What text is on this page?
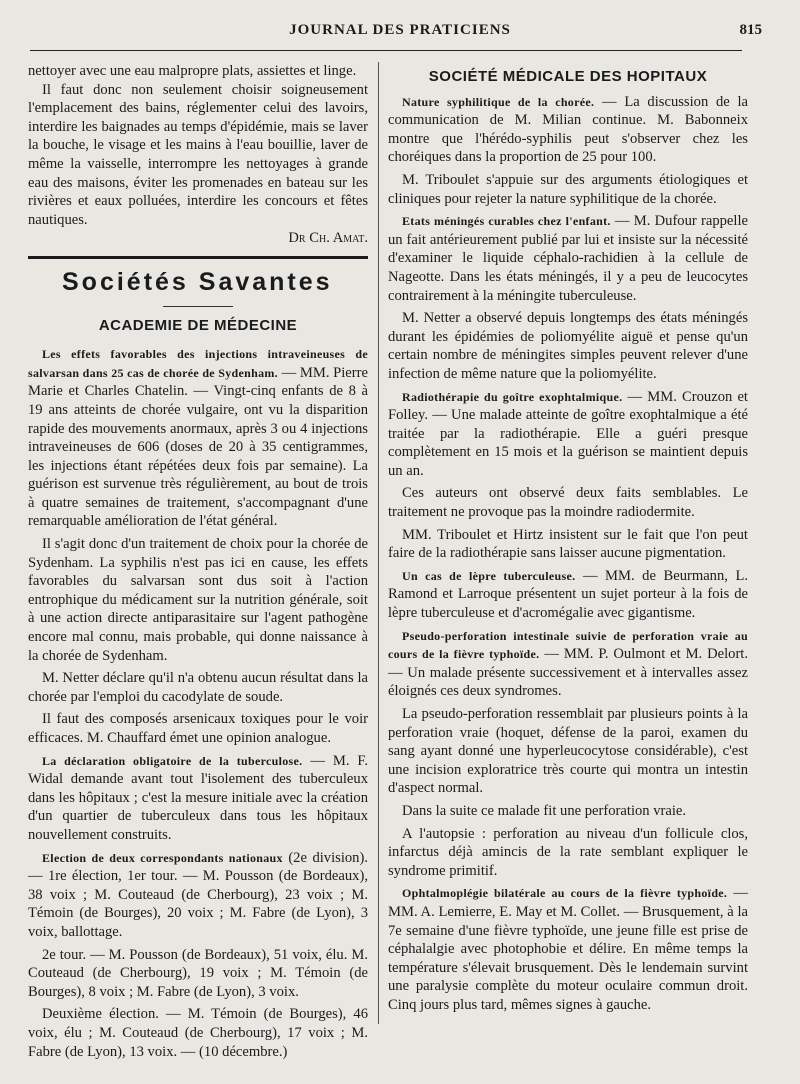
JOURNAL DES PRATICIENS	815

nettoyer avec une eau malpropre plats, assiettes et linge.

Il faut donc non seulement choisir soigneusement l'emplacement des bains, réglementer celui des lavoirs, interdire les baignades au temps d'épidémie, mais se laver la bouche, le visage et les mains à l'eau bouillie, laver de même la vaisselle, interrompre les nettoyages à grande eau des maisons, éviter les promenades en bateau sur les rivières et eaux polluées, interdire les concours et fêtes nautiques.

Dr Ch. Amat.

Sociétés Savantes
ACADEMIE DE MÉDECINE

Les effets favorables des injections intraveineuses de salvarsan dans 25 cas de chorée de Sydenham. — MM. Pierre Marie et Charles Chatelin. — Vingt-cinq enfants de 8 à 19 ans atteints de chorée vulgaire, ont vu la disparition rapide des mouvements anormaux, après 3 ou 4 injections intraveineuses de 606 (doses de 20 à 35 centigrammes, les injections étant répétées deux fois par semaine). La guérison est survenue très régulièrement, au bout de trois à quatre semaines de traitement, s'accompagnant d'une remarquable amélioration de l'état général.

Il s'agit donc d'un traitement de choix pour la chorée de Sydenham. La syphilis n'est pas ici en cause, les effets favorables du salvarsan sont dus soit à l'action entrophique du médicament sur la nutrition générale, soit à une action directe antiparasitaire sur l'agent pathogène encore mal connu, mais probable, qui donne naissance à la chorée de Sydenham.

M. Netter déclare qu'il n'a obtenu aucun résultat dans la chorée par l'emploi du cacodylate de soude.

Il faut des composés arsenicaux toxiques pour le voir efficaces. M. Chauffard émet une opinion analogue.

La déclaration obligatoire de la tuberculose. — M. F. Widal demande avant tout l'isolement des tuberculeux dans les hôpitaux ; c'est la mesure initiale avec la création d'un quartier de tuberculeux dans tous les hôpitaux nouvellement construits.

Election de deux correspondants nationaux (2e division). — 1re élection, 1er tour. — M. Pousson (de Bordeaux), 38 voix ; M. Couteaud (de Cherbourg), 23 voix ; M. Témoin (de Bourges), 20 voix ; M. Fabre (de Lyon), 3 voix, ballottage.

2e tour. — M. Pousson (de Bordeaux), 51 voix, élu. M. Couteaud (de Cherbourg), 19 voix ; M. Témoin (de Bourges), 8 voix ; M. Fabre (de Lyon), 3 voix.

Deuxième élection. — M. Témoin (de Bourges), 46 voix, élu ; M. Couteaud (de Cherbourg), 17 voix ; M. Fabre (de Lyon), 13 voix. — (10 décembre.)

SOCIÉTÉ MÉDICALE DES HOPITAUX

Nature syphilitique de la chorée. — La discussion de la communication de M. Milian continue. M. Babonneix montre que l'hérédo-syphilis peut s'observer chez les choréiques dans la proportion de 25 pour 100.

M. Triboulet s'appuie sur des arguments étiologiques et cliniques pour rejeter la nature syphilitique de la chorée.

Etats méningés curables chez l'enfant. — M. Dufour rappelle un fait antérieurement publié par lui et insiste sur la nécessité d'examiner le liquide céphalo-rachidien à la cellule de Nageotte. Dans les états méningés, il y a peu de leucocytes contrairement à la méningite tuberculeuse.

M. Netter a observé depuis longtemps des états méningés durant les épidémies de poliomyélite aiguë et pense qu'un certain nombre de méningites simples peuvent relever d'une infection de même nature que la poliomyélite.

Radiothérapie du goître exophtalmique. — MM. Crouzon et Folley. — Une malade atteinte de goître exophtalmique a été traitée par la radiothérapie. Elle a guéri presque complètement en 15 mois et la guérison se maintient depuis un an.

Ces auteurs ont observé deux faits semblables. Le traitement ne provoque pas la moindre radiodermite.

MM. Triboulet et Hirtz insistent sur le fait que l'on peut faire de la radiothérapie sans laisser aucune pigmentation.

Un cas de lèpre tuberculeuse. — MM. de Beurmann, L. Ramond et Larroque présentent un sujet porteur à la fois de lèpre tuberculeuse et d'acromégalie avec gigantisme.

Pseudo-perforation intestinale suivie de perforation vraie au cours de la fièvre typhoïde. — MM. P. Oulmont et M. Delort. — Un malade présente successivement et à intervalles assez éloignés ces deux syndromes.

La pseudo-perforation ressemblait par plusieurs points à la perforation vraie (hoquet, défense de la paroi, examen du sang ayant donné une hyperleucocytose considérable), c'est une incision exploratrice très courte qui montra un intestin d'aspect normal.

Dans la suite ce malade fit une perforation vraie.

A l'autopsie : perforation au niveau d'un follicule clos, infarctus déjà amincis de la rate semblant expliquer le syndrome primitif.

Ophtalmoplégie bilatérale au cours de la fièvre typhoïde. — MM. A. Lemierre, E. May et M. Collet. — Brusquement, à la 7e semaine d'une fièvre typhoïde, une jeune fille est prise de céphalalgie avec photophobie et délire. En même temps la température s'élevait brusquement. Dès le lendemain survint une paralysie complète du moteur oculaire commun droit. Cinq jours plus tard, mêmes signes à gauche.
